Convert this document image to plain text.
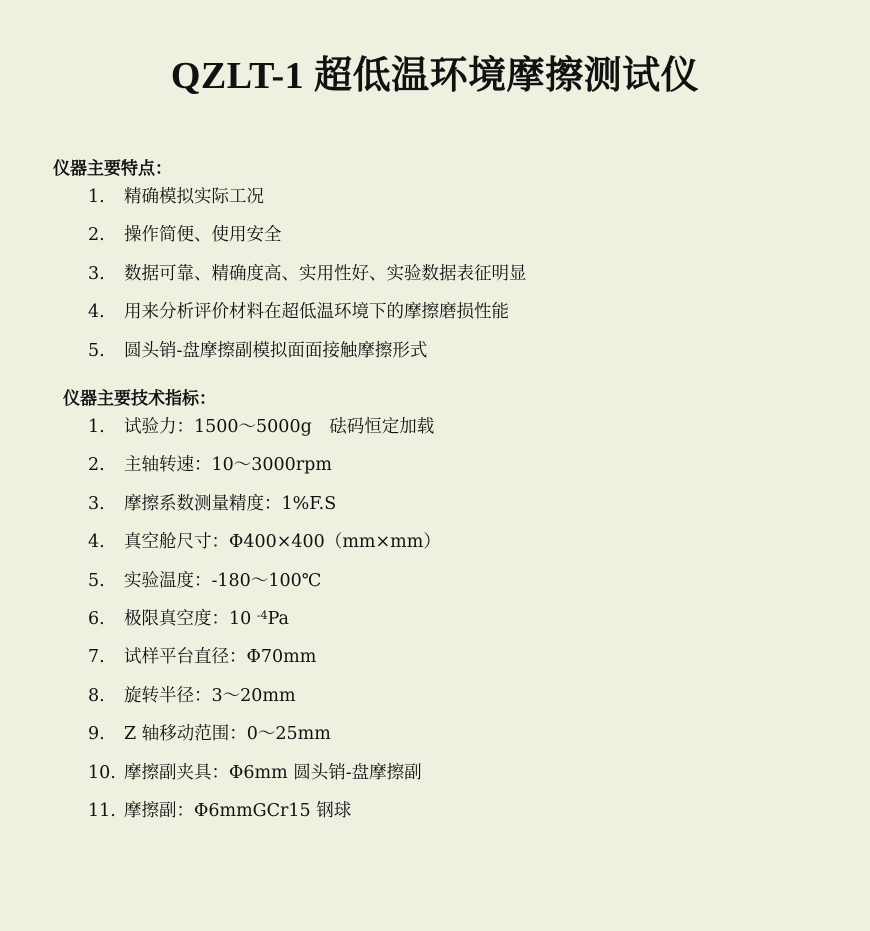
QZLT-1 超低温环境摩擦测试仪
仪器主要特点：
1.	精确模拟实际工况
2.	操作简便、使用安全
3.	数据可靠、精确度高、实用性好、实验数据表征明显
4.	用来分析评价材料在超低温环境下的摩擦磨损性能
5.	圆头销-盘摩擦副模拟面面接触摩擦形式
仪器主要技术指标：
1.	试验力：1500～5000g　砝码恒定加载
2.	主轴转速：10～3000rpm
3.	摩擦系数测量精度：1%F.S
4.	真空舱尺寸：Φ400×400（mm×mm）
5.	实验温度：-180～100℃
6.	极限真空度：10 $^{-4}$Pa
7.	试样平台直径：Φ70mm
8.	旋转半径：3～20mm
9.	Z 轴移动范围：0～25mm
10. 摩擦副夹具：Φ6mm 圆头销-盘摩擦副
11. 摩擦副：Φ6mmGCr15 钢球
